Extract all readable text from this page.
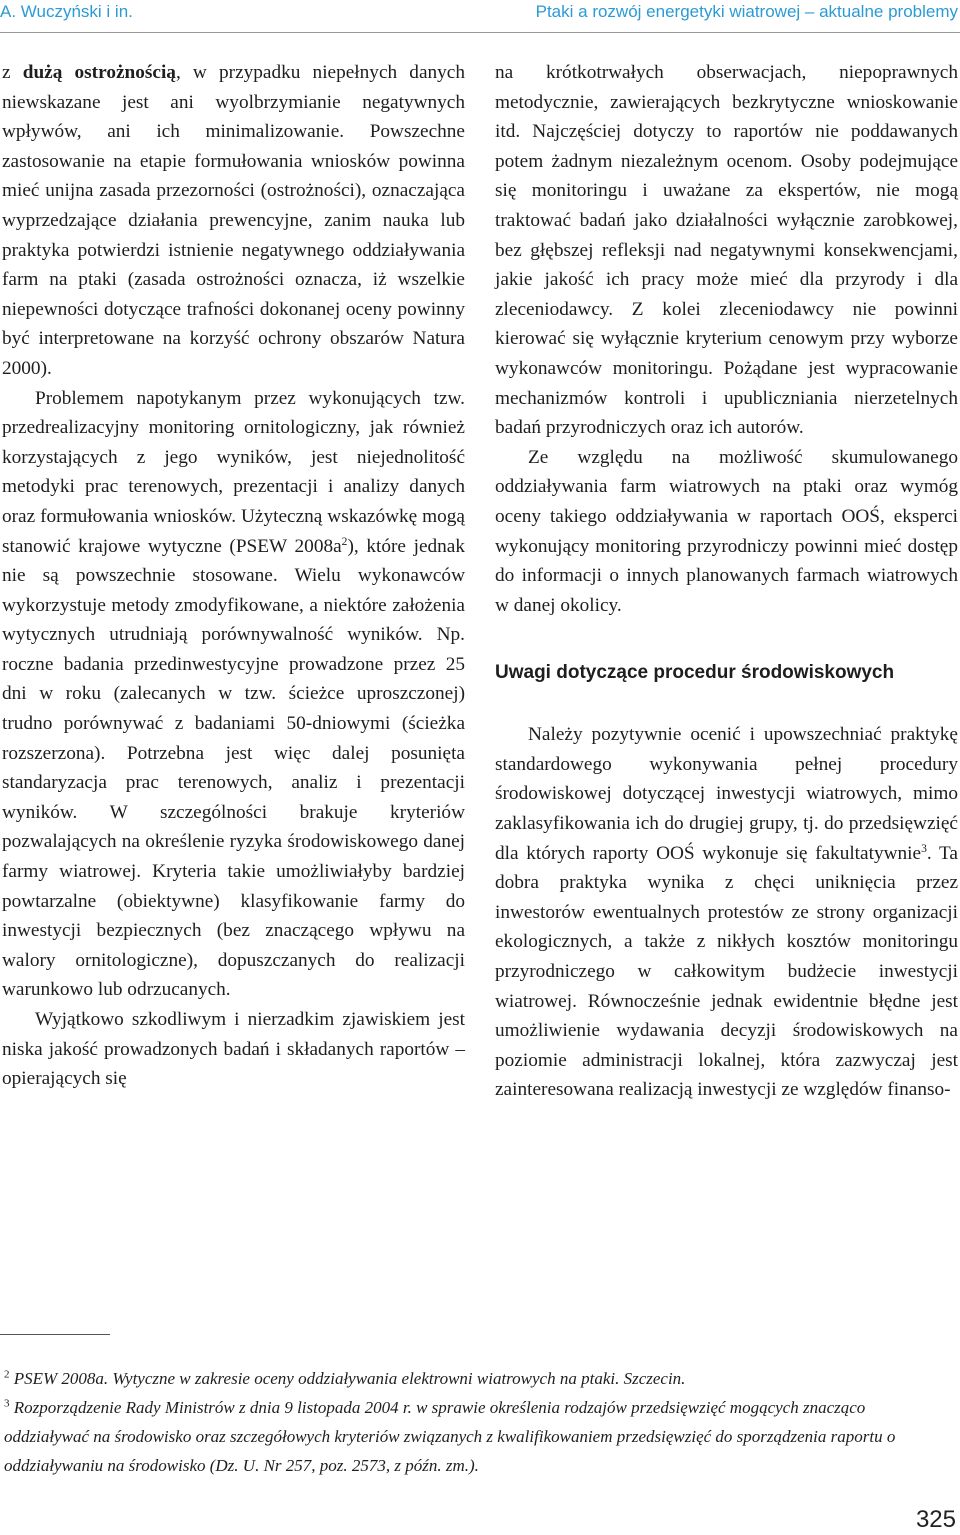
A. Wuczyński i in.	Ptaki a rozwój energetyki wiatrowej – aktualne problemy

z dużą ostrożnością, w przypadku niepełnych danych niewskazane jest ani wyolbrzymianie negatywnych wpływów, ani ich minimalizowanie. Powszechne zastosowanie na etapie formułowania wniosków powinna mieć unijna zasada przezorności (ostrożności), oznaczająca wyprzedzające działania prewencyjne, zanim nauka lub praktyka potwierdzi istnienie negatywnego oddziaływania farm na ptaki (zasada ostrożności oznacza, iż wszelkie niepewności dotyczące trafności dokonanej oceny powinny być interpretowane na korzyść ochrony obszarów Natura 2000).

Problemem napotykanym przez wykonujących tzw. przedrealizacyjny monitoring ornitologiczny, jak również korzystających z jego wyników, jest niejednolitość metodyki prac terenowych, prezentacji i analizy danych oraz formułowania wniosków. Użyteczną wskazówkę mogą stanowić krajowe wytyczne (PSEW $2008a^2$), które jednak nie są powszechnie stosowane. Wielu wykonawców wykorzystuje metody zmodyfikowane, a niektóre założenia wytycznych utrudniają porównywalność wyników. Np. roczne badania przedinwestycyjne prowadzone przez 25 dni w roku (zalecanych w tzw. ścieżce uproszczonej) trudno porównywać z badaniami 50-dniowymi (ścieżka rozszerzona). Potrzebna jest więc dalej posunięta standaryzacja prac terenowych, analiz i prezentacji wyników. W szczególności brakuje kryteriów pozwalających na określenie ryzyka środowiskowego danej farmy wiatrowej. Kryteria takie umożliwiałyby bardziej powtarzalne (obiektywne) klasyfikowanie farmy do inwestycji bezpiecznych (bez znaczącego wpływu na walory ornitologiczne), dopuszczanych do realizacji warunkowo lub odrzucanych.

Wyjątkowo szkodliwym i nierzadkim zjawiskiem jest niska jakość prowadzonych badań i składanych raportów – opierających się

na krótkotrwałych obserwacjach, niepoprawnych metodycznie, zawierających bezkrytyczne wnioskowanie itd. Najczęściej dotyczy to raportów nie poddawanych potem żadnym niezależnym ocenom. Osoby podejmujące się monitoringu i uważane za ekspertów, nie mogą traktować badań jako działalności wyłącznie zarobkowej, bez głębszej refleksji nad negatywnymi konsekwencjami, jakie jakość ich pracy może mieć dla przyrody i dla zleceniodawcy. Z kolei zleceniodawcy nie powinni kierować się wyłącznie kryterium cenowym przy wyborze wykonawców monitoringu. Pożądane jest wypracowanie mechanizmów kontroli i upubliczniania nierzetelnych badań przyrodniczych oraz ich autorów.

Ze względu na możliwość skumulowanego oddziaływania farm wiatrowych na ptaki oraz wymóg oceny takiego oddziaływania w raportach OOŚ, eksperci wykonujący monitoring przyrodniczy powinni mieć dostęp do informacji o innych planowanych farmach wiatrowych w danej okolicy.

Uwagi dotyczące procedur środowiskowych

Należy pozytywnie ocenić i upowszechniać praktykę standardowego wykonywania pełnej procedury środowiskowej dotyczącej inwestycji wiatrowych, mimo zaklasyfikowania ich do drugiej grupy, tj. do przedsięwzięć dla których raporty OOŚ wykonuje się fakultatywnie$^3$. Ta dobra praktyka wynika z chęci uniknięcia przez inwestorów ewentualnych protestów ze strony organizacji ekologicznych, a także z nikłych kosztów monitoringu przyrodniczego w całkowitym budżecie inwestycji wiatrowej. Równocześnie jednak ewidentnie błędne jest umożliwienie wydawania decyzji środowiskowych na poziomie administracji lokalnej, która zazwyczaj jest zainteresowana realizacją inwestycji ze względów finanso-

$^2$ PSEW 2008a. Wytyczne w zakresie oceny oddziaływania elektrowni wiatrowych na ptaki. Szczecin.
$^3$ Rozporządzenie Rady Ministrów z dnia 9 listopada 2004 r. w sprawie określenia rodzajów przedsięwzięć mogących znacząco oddziaływać na środowisko oraz szczegółowych kryteriów związanych z kwalifikowaniem przedsięwzięć do sporządzenia raportu o oddziaływaniu na środowisko (Dz. U. Nr 257, poz. 2573, z późn. zm.).
325
